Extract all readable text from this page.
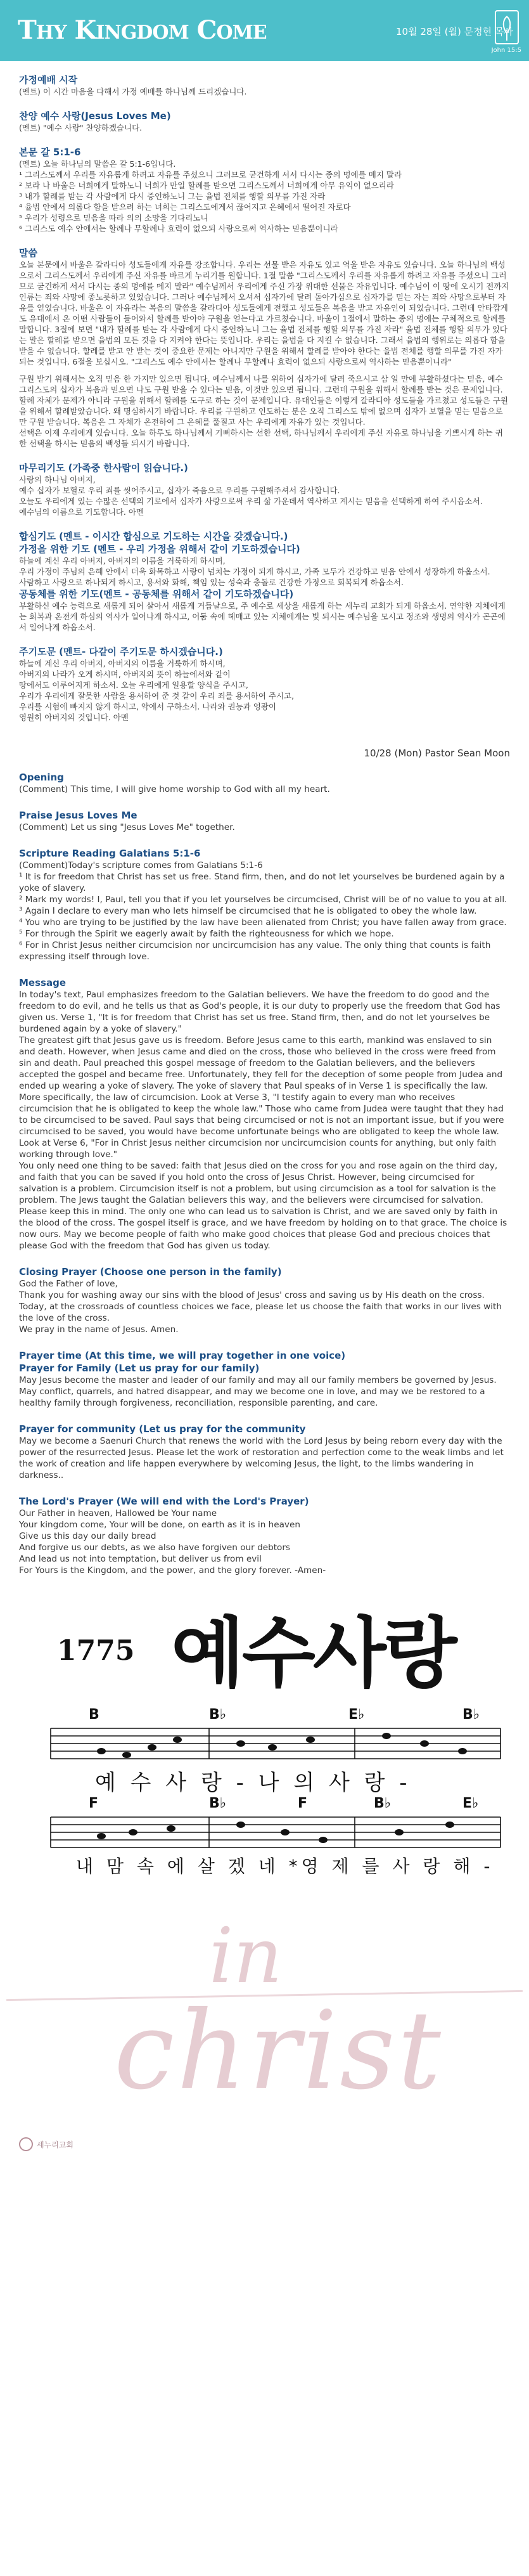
THY KINGDOM COME	10월 28일 (월) 문정현 목사
John 15:5

가정예배 시작

(멘트) 이 시간 마음을 다해서 가정 예배를 하나님께 드리겠습니다.

찬양 예수 사랑(Jesus Loves Me)

(멘트) "예수 사랑" 찬양하겠습니다.

본문 갈 5:1-6

(멘트) 오늘 하나님의 말씀은 갈 5:1-6입니다.

¹ 그리스도께서 우리를 자유롭게 하려고 자유를 주셨으니 그러므로 굳건하게 서서 다시는 종의 멍에를 메지 말라

² 보라 나 바울은 너희에게 말하노니 너희가 만일 할례를 받으면 그리스도께서 너희에게 아무 유익이 없으리라

³ 내가 할례를 받는 각 사람에게 다시 증언하노니 그는 율법 전체를 행할 의무를 가진 자라

⁴ 율법 안에서 의롭다 함을 받으려 하는 너희는 그리스도에게서 끊어지고 은혜에서 떨어진 자로다

⁵ 우리가 성령으로 믿음을 따라 의의 소망을 기다리노니

⁶ 그리스도 예수 안에서는 할례나 무할례나 효력이 없으되 사랑으로써 역사하는 믿음뿐이니라

말씀

오늘 본문에서 바울은 갈라디아 성도들에게 자유를 강조합니다. 우리는 선물 받은 자유도 있고 억울 받은 자유도 있습니다. 오늘 하나님의 백성으로서 그리스도께서 우리에게 주신 자유를 바르게 누리기를 원합니다. 1절 말씀 "그리스도께서 우리를 자유롭게 하려고 자유를 주셨으니 그러므로 굳건하게 서서 다시는 종의 멍에를 메지 말라" 예수님께서 우리에게 주신 가장 위대한 선물은 자유입니다. 예수님이 이 땅에 오시기 전까지 인류는 죄와 사망에 종노릇하고 있었습니다. 그러나 예수님께서 오셔서 십자가에 달려 돌아가심으로 십자가를 믿는 자는 죄와 사망으로부터 자유를 얻었습니다. 바울은 이 자유라는 복음의 말씀을 갈라디아 성도들에게 전했고 성도들은 복음을 받고 자유인이 되었습니다. 그런데 안타깝게도 유대에서 온 어떤 사람들이 들어와서 할례를 받아야 구원을 얻는다고 가르쳤습니다. 바울이 1절에서 말하는 종의 멍에는 구체적으로 할례를 말합니다. 3절에 보면 "내가 할례를 받는 각 사람에게 다시 증언하노니 그는 율법 전체를 행할 의무를 가진 자라" 율법 전체를 행할 의무가 있다는 말은 할례를 받으면 율법의 모든 것을 다 지켜야 한다는 뜻입니다. 우리는 율법을 다 지킬 수 없습니다. 그래서 율법의 행위로는 의롭다 함을 받을 수 없습니다. 할례를 받고 안 받는 것이 중요한 문제는 아니지만 구원을 위해서 할례를 받아야 한다는 율법 전체를 행할 의무를 가진 자가 되는 것입니다. 6절을 보십시오. "그리스도 예수 안에서는 할례나 무할례나 효력이 없으되 사랑으로써 역사하는 믿음뿐이니라"

구원 받기 위해서는 오직 믿음 한 가지만 있으면 됩니다. 예수님께서 나를 위하여 십자가에 달려 죽으시고 삼 일 만에 부활하셨다는 믿음, 예수 그리스도의 십자가 복음과 믿으면 나도 구원 받을 수 있다는 믿음, 이것만 있으면 됩니다. 그런데 구원을 위해서 할례를 받는 것은 문제입니다. 할례 자체가 문제가 아니라 구원을 위해서 할례를 도구로 하는 것이 문제입니다. 유대인들은 이렇게 갈라디아 성도들을 가르쳤고 성도들은 구원을 위해서 할례받았습니다. 왜 명심하시기 바랍니다. 우리를 구원하고 인도하는 분은 오직 그리스도 밖에 없으며 십자가 보혈을 믿는 믿음으로만 구원 받습니다. 복음은 그 자체가 온전하여 그 은혜를 풀질고 사는 우리에게 자유가 있는 것입니다.

선택은 이제 우리에게 있습니다. 오늘 하루도 하나님께서 기뻐하시는 선한 선택, 하나님께서 우리에게 주신 자유로 하나님을 기쁘시게 하는 귀한 선택을 하시는 믿음의 백성들 되시기 바랍니다.

마무리기도 (가족중 한사람이 읽습니다.)

사랑의 하나님 아버지,

예수 십자가 보혈로 우리 죄를 씻어주시고, 십자가 죽음으로 우리를 구원해주셔서 감사합니다.

오늘도 우리에게 있는 수많은 선택의 기로에서 십자가 사랑으로써 우리 삶 가운데서 역사하고 계시는 믿음을 선택하게 하여 주시옵소서.

예수님의 이름으로 기도합니다. 아멘

합심기도 (멘트 - 이시간 합심으로 기도하는 시간을 갖겠습니다.)

가정을 위한 기도 (멘트 - 우리 가정을 위해서 같이 기도하겠습니다)

하늘에 계신 우리 아버지, 아버지의 이름을 거룩하게 하시며,

우리 가정이 주님의 은혜 안에서 더욱 화목하고 사랑이 넘치는 가정이 되게 하시고, 가족 모두가 건강하고 믿음 안에서 성장하게 하옵소서.

사람하고 사랑으로 하나되게 하시고, 용서와 화해, 책임 있는 성숙과 충돌로 건강한 가정으로 회복되게 하옵소서.

공동체를 위한 기도(멘트 - 공동체를 위해서 같이 기도하겠습니다)

부활하신 예수 능력으로 새롭게 되어 살아서 새롭게 거듭날으로, 주 예수로 세상을 새롭게 하는 세누리 교회가 되게 하옵소서. 연약한 지체에게는 회복과 온전케 하심의 역사가 일어나게 하시고, 어둠 속에 헤매고 있는 지체에게는 빛 되시는 예수님을 모시고 정조와 생명의 역사가 곤곤에서 일어나게 하옵소서.

주기도문 (멘트- 다같이 주기도문 하시겠습니다.)

하늘에 계신 우리 아버지, 아버지의 이름을 거룩하게 하시며,

아버지의 나라가 오게 하시며, 아버지의 뜻이 하늘에서와 같이

땅에서도 이루어지게 하소서. 오늘 우리에게 일용할 양식을 주시고,

우리가 우리에게 잘못한 사람을 용서하여 준 것 같이 우리 죄를 용서하여 주시고,

우리를 시험에 빠지지 않게 하시고, 악에서 구하소서. 나라와 권능과 영광이

영원히 아버지의 것입니다. 아멘

10/28 (Mon) Pastor Sean Moon

Opening

(Comment) This time, I will give home worship to God with all my heart.

Praise Jesus Loves Me

(Comment) Let us sing "Jesus Loves Me" together.

Scripture Reading Galatians 5:1-6

(Comment)Today's scripture comes from Galatians 5:1-6

¹ It is for freedom that Christ has set us free. Stand firm, then, and do not let yourselves be burdened again by a yoke of slavery.

² Mark my words! I, Paul, tell you that if you let yourselves be circumcised, Christ will be of no value to you at all.

³ Again I declare to every man who lets himself be circumcised that he is obligated to obey the whole law.

⁴ You who are trying to be justified by the law have been alienated from Christ; you have fallen away from grace.

⁵ For through the Spirit we eagerly await by faith the righteousness for which we hope.

⁶ For in Christ Jesus neither circumcision nor uncircumcision has any value. The only thing that counts is faith expressing itself through love.

Message

In today's text, Paul emphasizes freedom to the Galatian believers. We have the freedom to do good and the freedom to do evil, and he tells us that as God's people, it is our duty to properly use the freedom that God has given us. Verse 1, "It is for freedom that Christ has set us free. Stand firm, then, and do not let yourselves be burdened again by a yoke of slavery."

The greatest gift that Jesus gave us is freedom. Before Jesus came to this earth, mankind was enslaved to sin and death. However, when Jesus came and died on the cross, those who believed in the cross were freed from sin and death. Paul preached this gospel message of freedom to the Galatian believers, and the believers accepted the gospel and became free. Unfortunately, they fell for the deception of some people from Judea and ended up wearing a yoke of slavery. The yoke of slavery that Paul speaks of in Verse 1 is specifically the law. More specifically, the law of circumcision. Look at Verse 3, "I testify again to every man who receives circumcision that he is obligated to keep the whole law." Those who came from Judea were taught that they had to be circumcised to be saved. Paul says that being circumcised or not is not an important issue, but if you were circumcised to be saved, you would have become unfortunate beings who are obligated to keep the whole law. Look at Verse 6, "For in Christ Jesus neither circumcision nor uncircumcision counts for anything, but only faith working through love."

You only need one thing to be saved: faith that Jesus died on the cross for you and rose again on the third day, and faith that you can be saved if you hold onto the cross of Jesus Christ. However, being circumcised for salvation is a problem. Circumcision itself is not a problem, but using circumcision as a tool for salvation is the problem. The Jews taught the Galatian believers this way, and the believers were circumcised for salvation. Please keep this in mind. The only one who can lead us to salvation is Christ, and we are saved only by faith in the blood of the cross. The gospel itself is grace, and we have freedom by holding on to that grace. The choice is now ours. May we become people of faith who make good choices that please God and precious choices that please God with the freedom that God has given us today.

Closing Prayer (Choose one person in the family)

God the Father of love,

Thank you for washing away our sins with the blood of Jesus' cross and saving us by His death on the cross.

Today, at the crossroads of countless choices we face, please let us choose the faith that works in our lives with the love of the cross.

We pray in the name of Jesus. Amen.

Prayer time (At this time, we will pray together in one voice)

Prayer for Family (Let us pray for our family)

May Jesus become the master and leader of our family and may all our family members be governed by Jesus. May conflict, quarrels, and hatred disappear, and may we become one in love, and may we be restored to a healthy family through forgiveness, reconciliation, responsible parenting, and care.

Prayer for community (Let us pray for the community

May we become a Saenuri Church that renews the world with the Lord Jesus by being reborn every day with the power of the resurrected Jesus. Please let the work of restoration and perfection come to the weak limbs and let the work of creation and life happen everywhere by welcoming Jesus, the light, to the limbs wandering in darkness..

The Lord's Prayer (We will end with the Lord's Prayer)

Our Father in heaven, Hallowed be Your name

Your kingdom come, Your will be done, on earth as it is in heaven

Give us this day our daily bread

And forgive us our debts, as we also have forgiven our debtors

And lead us not into temptation, but deliver us from evil

For Yours is the Kingdom, and the power, and the glory forever. -Amen-

B	B♭	E♭	B♭
F	B♭	F	B♭	E♭
1775 예수사랑
예 수 사 랑 - 나 의 사 랑 -
내 맘 속 에 살 겠 네 *영 제 를 사 랑 해 -
in
christ
세누리교회
